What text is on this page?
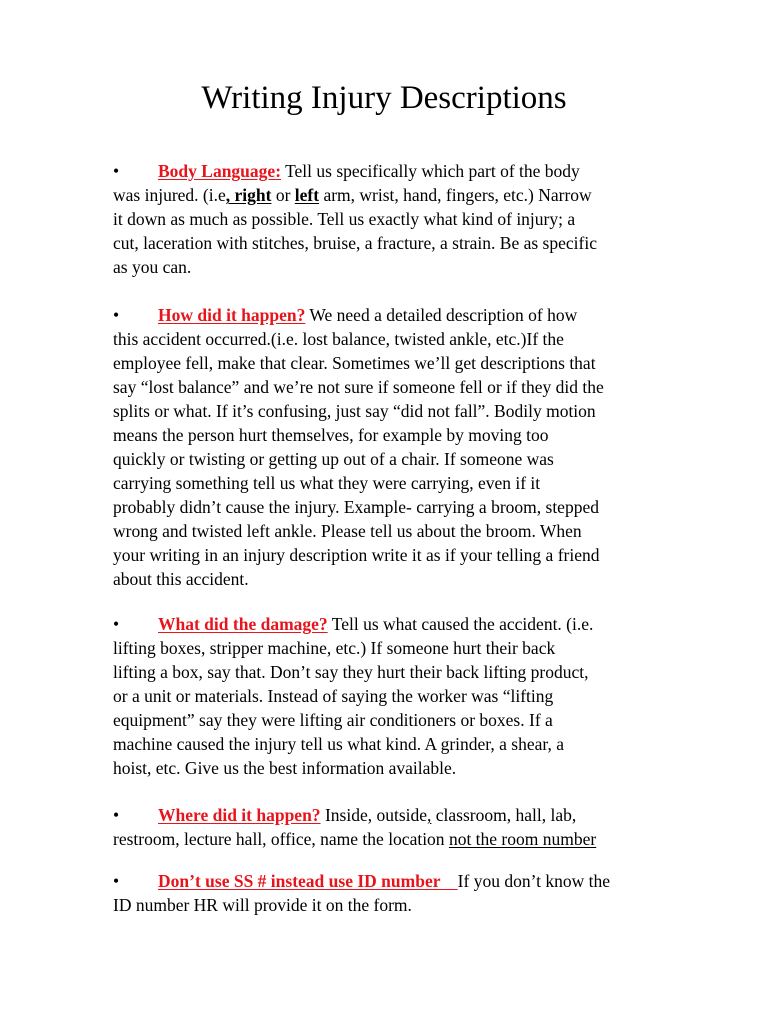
Writing Injury Descriptions
• Body Language: Tell us specifically which part of the body
was injured. (i.e, right or left arm, wrist, hand, fingers, etc.) Narrow
it down as much as possible. Tell us exactly what kind of injury; a
cut, laceration with stitches, bruise, a fracture, a strain. Be as specific
as you can.
• How did it happen? We need a detailed description of how
this accident occurred.(i.e. lost balance, twisted ankle, etc.)If the
employee fell, make that clear. Sometimes we’ll get descriptions that
say “lost balance” and we’re not sure if someone fell or if they did the
splits or what. If it’s confusing, just say “did not fall”. Bodily motion
means the person hurt themselves, for example by moving too
quickly or twisting or getting up out of a chair. If someone was
carrying something tell us what they were carrying, even if it
probably didn’t cause the injury. Example- carrying a broom, stepped
wrong and twisted left ankle. Please tell us about the broom. When
your writing in an injury description write it as if your telling a friend
about this accident.
• What did the damage? Tell us what caused the accident. (i.e.
lifting boxes, stripper machine, etc.) If someone hurt their back
lifting a box, say that. Don’t say they hurt their back lifting product,
or a unit or materials. Instead of saying the worker was “lifting
equipment” say they were lifting air conditioners or boxes. If a
machine caused the injury tell us what kind. A grinder, a shear, a
hoist, etc. Give us the best information available.
• Where did it happen? Inside, outside, classroom, hall, lab,
restroom, lecture hall, office, name the location not the room number
• Don’t use SS # instead use ID number    If you don’t know the
ID number HR will provide it on the form.
